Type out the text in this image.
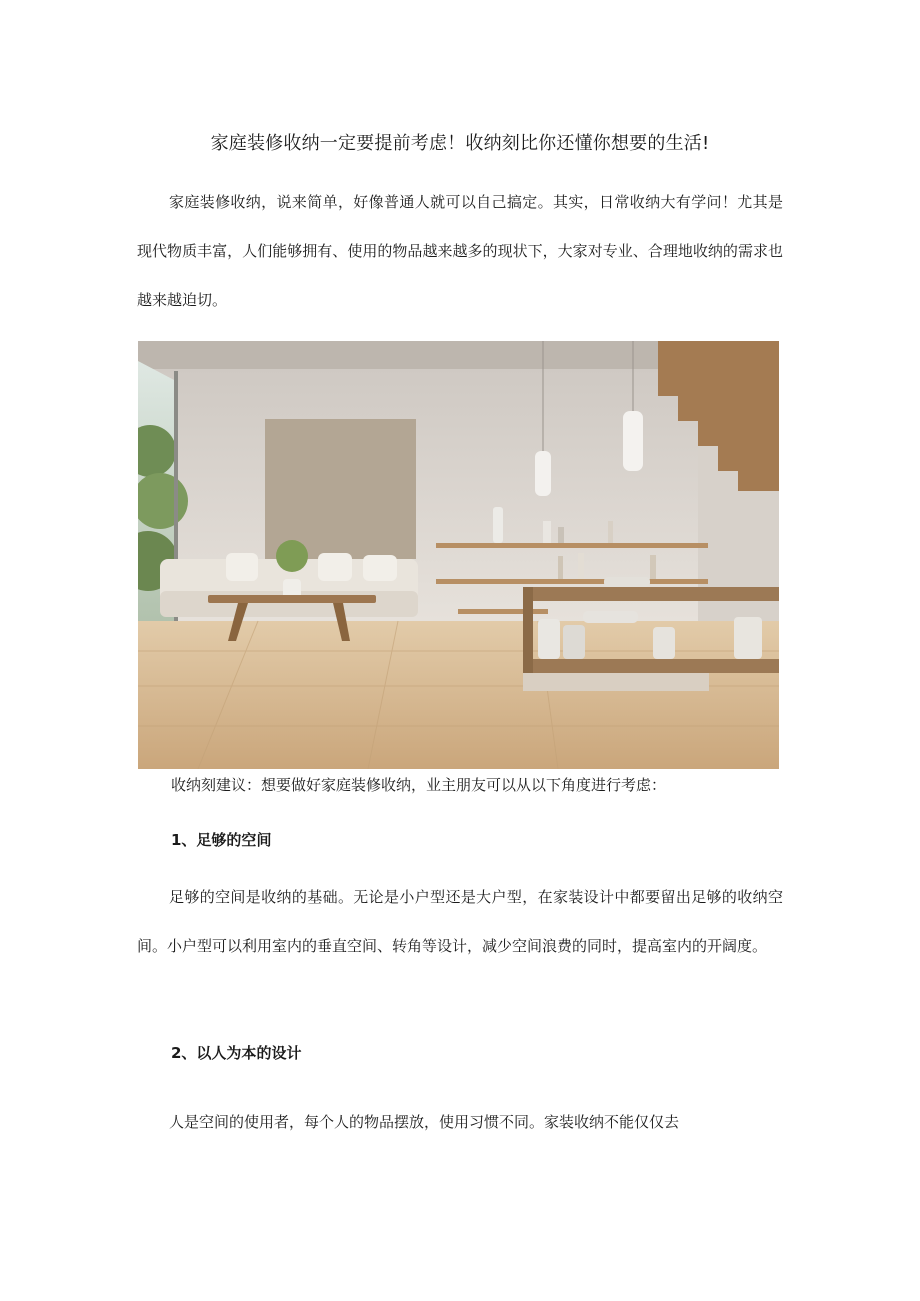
家庭装修收纳一定要提前考虑！收纳刻比你还懂你想要的生活!
家庭装修收纳，说来简单，好像普通人就可以自己搞定。其实，日常收纳大有学问！尤其是现代物质丰富，人们能够拥有、使用的物品越来越多的现状下，大家对专业、合理地收纳的需求也越来越迫切。
收纳刻建议：想要做好家庭装修收纳，业主朋友可以从以下角度进行考虑：
1、足够的空间
足够的空间是收纳的基础。无论是小户型还是大户型，在家装设计中都要留出足够的收纳空间。小户型可以利用室内的垂直空间、转角等设计，减少空间浪费的同时，提高室内的开阔度。
2、以人为本的设计
人是空间的使用者，每个人的物品摆放，使用习惯不同。家装收纳不能仅仅去
